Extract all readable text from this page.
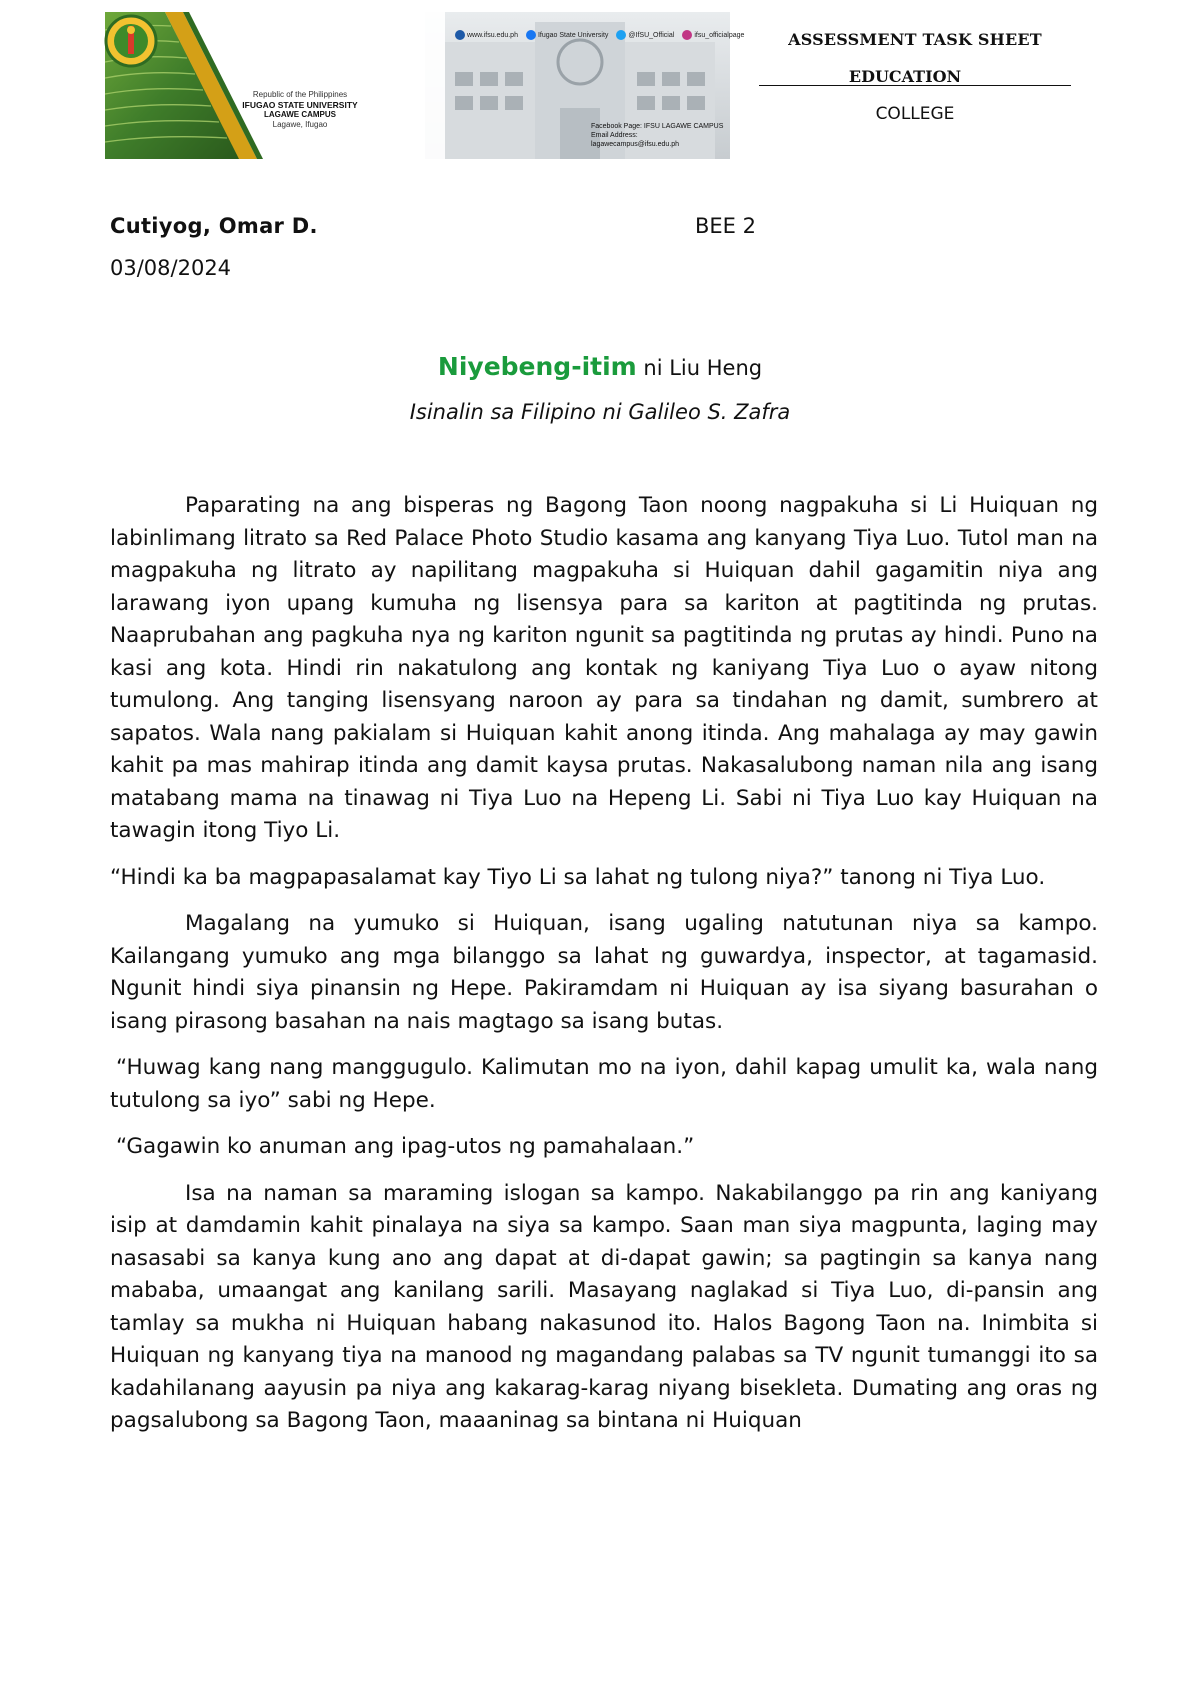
Republic of the Philippines
IFUGAO STATE UNIVERSITY
LAGAWE CAMPUS
Lagawe, Ifugao
www.ifsu.edu.ph	Ifugao State University	@IfSU_Official	ifsu_officialpage
Facebook Page: IFSU LAGAWE CAMPUS
Email Address: lagawecampus@ifsu.edu.ph
ASSESSMENT TASK SHEET
EDUCATION
COLLEGE
Cutiyog, Omar D.	BEE 2
03/08/2024
Niyebeng-itim ni Liu Heng
Isinalin sa Filipino ni Galileo S. Zafra

Paparating na ang bisperas ng Bagong Taon noong nagpakuha si Li Huiquan ng labinlimang litrato sa Red Palace Photo Studio kasama ang kanyang Tiya Luo. Tutol man na magpakuha ng litrato ay napilitang magpakuha si Huiquan dahil gagamitin niya ang larawang iyon upang kumuha ng lisensya para sa kariton at pagtitinda ng prutas. Naaprubahan ang pagkuha nya ng kariton ngunit sa pagtitinda ng prutas ay hindi. Puno na kasi ang kota. Hindi rin nakatulong ang kontak ng kaniyang Tiya Luo o ayaw nitong tumulong. Ang tanging lisensyang naroon ay para sa tindahan ng damit, sumbrero at sapatos. Wala nang pakialam si Huiquan kahit anong itinda. Ang mahalaga ay may gawin kahit pa mas mahirap itinda ang damit kaysa prutas. Nakasalubong naman nila ang isang matabang mama na tinawag ni Tiya Luo na Hepeng Li. Sabi ni Tiya Luo kay Huiquan na tawagin itong Tiyo Li.

“Hindi ka ba magpapasalamat kay Tiyo Li sa lahat ng tulong niya?” tanong ni Tiya Luo.

Magalang na yumuko si Huiquan, isang ugaling natutunan niya sa kampo. Kailangang yumuko ang mga bilanggo sa lahat ng guwardya, inspector, at tagamasid. Ngunit hindi siya pinansin ng Hepe. Pakiramdam ni Huiquan ay isa siyang basurahan o isang pirasong basahan na nais magtago sa isang butas.

“Huwag kang nang manggugulo. Kalimutan mo na iyon, dahil kapag umulit ka, wala nang tutulong sa iyo” sabi ng Hepe.

“Gagawin ko anuman ang ipag-utos ng pamahalaan.”

Isa na naman sa maraming islogan sa kampo. Nakabilanggo pa rin ang kaniyang isip at damdamin kahit pinalaya na siya sa kampo. Saan man siya magpunta, laging may nasasabi sa kanya kung ano ang dapat at di-dapat gawin; sa pagtingin sa kanya nang mababa, umaangat ang kanilang sarili. Masayang naglakad si Tiya Luo, di-pansin ang tamlay sa mukha ni Huiquan habang nakasunod ito. Halos Bagong Taon na. Inimbita si Huiquan ng kanyang tiya na manood ng magandang palabas sa TV ngunit tumanggi ito sa kadahilanang aayusin pa niya ang kakarag-karag niyang bisekleta. Dumating ang oras ng pagsalubong sa Bagong Taon, maaaninag sa bintana ni Huiquan
